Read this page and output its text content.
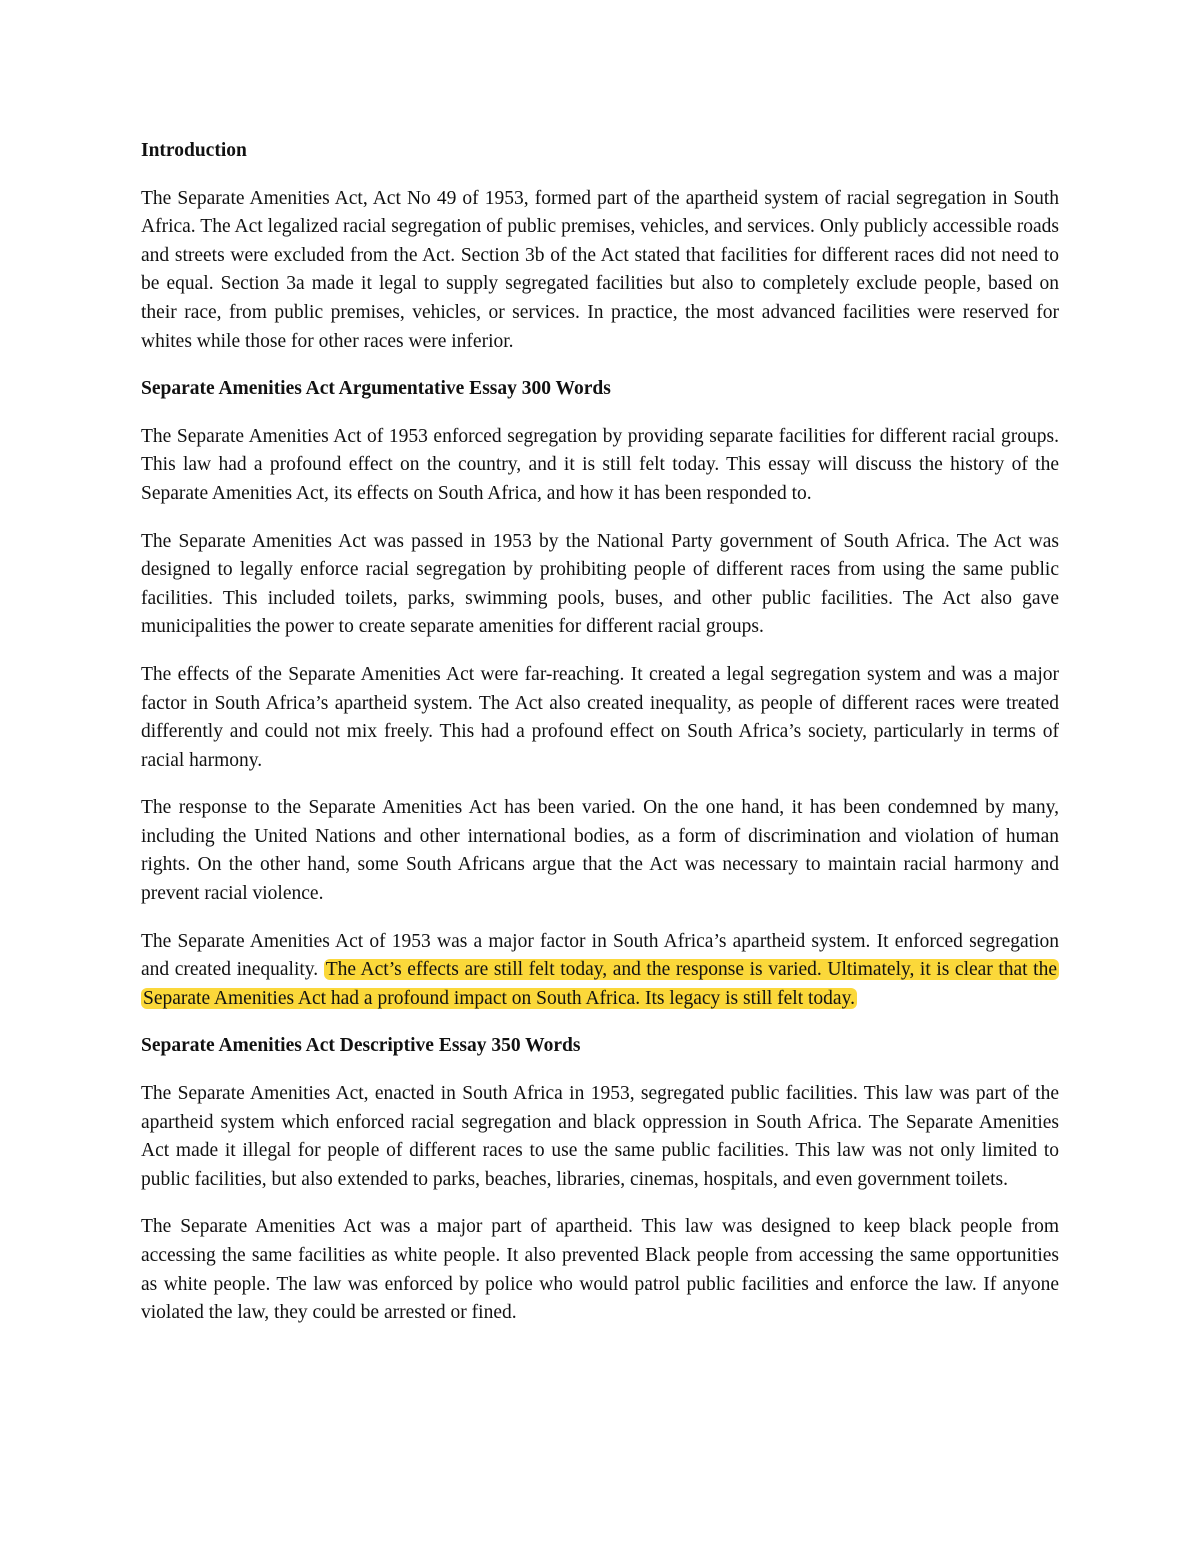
Introduction

The Separate Amenities Act, Act No 49 of 1953, formed part of the apartheid system of racial segregation in South Africa. The Act legalized racial segregation of public premises, vehicles, and services. Only publicly accessible roads and streets were excluded from the Act. Section 3b of the Act stated that facilities for different races did not need to be equal. Section 3a made it legal to supply segregated facilities but also to completely exclude people, based on their race, from public premises, vehicles, or services. In practice, the most advanced facilities were reserved for whites while those for other races were inferior.

Separate Amenities Act Argumentative Essay 300 Words

The Separate Amenities Act of 1953 enforced segregation by providing separate facilities for different racial groups. This law had a profound effect on the country, and it is still felt today. This essay will discuss the history of the Separate Amenities Act, its effects on South Africa, and how it has been responded to.

The Separate Amenities Act was passed in 1953 by the National Party government of South Africa. The Act was designed to legally enforce racial segregation by prohibiting people of different races from using the same public facilities. This included toilets, parks, swimming pools, buses, and other public facilities. The Act also gave municipalities the power to create separate amenities for different racial groups.

The effects of the Separate Amenities Act were far-reaching. It created a legal segregation system and was a major factor in South Africa’s apartheid system. The Act also created inequality, as people of different races were treated differently and could not mix freely. This had a profound effect on South Africa’s society, particularly in terms of racial harmony.

The response to the Separate Amenities Act has been varied. On the one hand, it has been condemned by many, including the United Nations and other international bodies, as a form of discrimination and violation of human rights. On the other hand, some South Africans argue that the Act was necessary to maintain racial harmony and prevent racial violence.

The Separate Amenities Act of 1953 was a major factor in South Africa’s apartheid system. It enforced segregation and created inequality. The Act’s effects are still felt today, and the response is varied. Ultimately, it is clear that the Separate Amenities Act had a profound impact on South Africa. Its legacy is still felt today.

Separate Amenities Act Descriptive Essay 350 Words

The Separate Amenities Act, enacted in South Africa in 1953, segregated public facilities. This law was part of the apartheid system which enforced racial segregation and black oppression in South Africa. The Separate Amenities Act made it illegal for people of different races to use the same public facilities. This law was not only limited to public facilities, but also extended to parks, beaches, libraries, cinemas, hospitals, and even government toilets.

The Separate Amenities Act was a major part of apartheid. This law was designed to keep black people from accessing the same facilities as white people. It also prevented Black people from accessing the same opportunities as white people. The law was enforced by police who would patrol public facilities and enforce the law. If anyone violated the law, they could be arrested or fined.
